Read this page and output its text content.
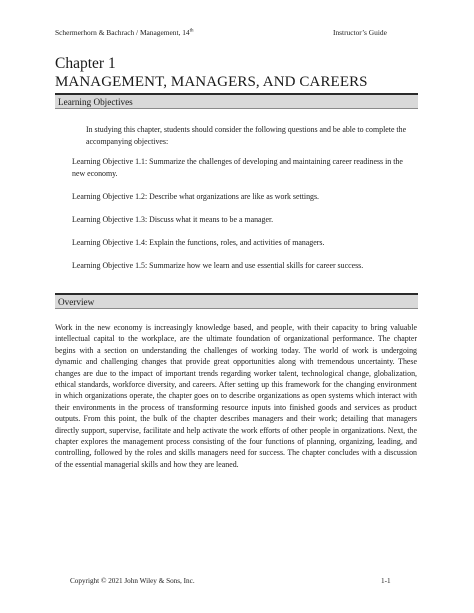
Schermerhorn & Bachrach / Management, 14th	Instructor’s Guide
Chapter 1
MANAGEMENT, MANAGERS, AND CAREERS
Learning Objectives
In studying this chapter, students should consider the following questions and be able to complete the accompanying objectives:
Learning Objective 1.1: Summarize the challenges of developing and maintaining career readiness in the new economy.
Learning Objective 1.2: Describe what organizations are like as work settings.
Learning Objective 1.3: Discuss what it means to be a manager.
Learning Objective 1.4: Explain the functions, roles, and activities of managers.
Learning Objective 1.5: Summarize how we learn and use essential skills for career success.
Overview
Work in the new economy is increasingly knowledge based, and people, with their capacity to bring valuable intellectual capital to the workplace, are the ultimate foundation of organizational performance. The chapter begins with a section on understanding the challenges of working today. The world of work is undergoing dynamic and challenging changes that provide great opportunities along with tremendous uncertainty. These changes are due to the impact of important trends regarding worker talent, technological change, globalization, ethical standards, workforce diversity, and careers. After setting up this framework for the changing environment in which organizations operate, the chapter goes on to describe organizations as open systems which interact with their environments in the process of transforming resource inputs into finished goods and services as product outputs. From this point, the bulk of the chapter describes managers and their work; detailing that managers directly support, supervise, facilitate and help activate the work efforts of other people in organizations. Next, the chapter explores the management process consisting of the four functions of planning, organizing, leading, and controlling, followed by the roles and skills managers need for success. The chapter concludes with a discussion of the essential managerial skills and how they are leaned.
Copyright © 2021 John Wiley & Sons, Inc.	1-1
